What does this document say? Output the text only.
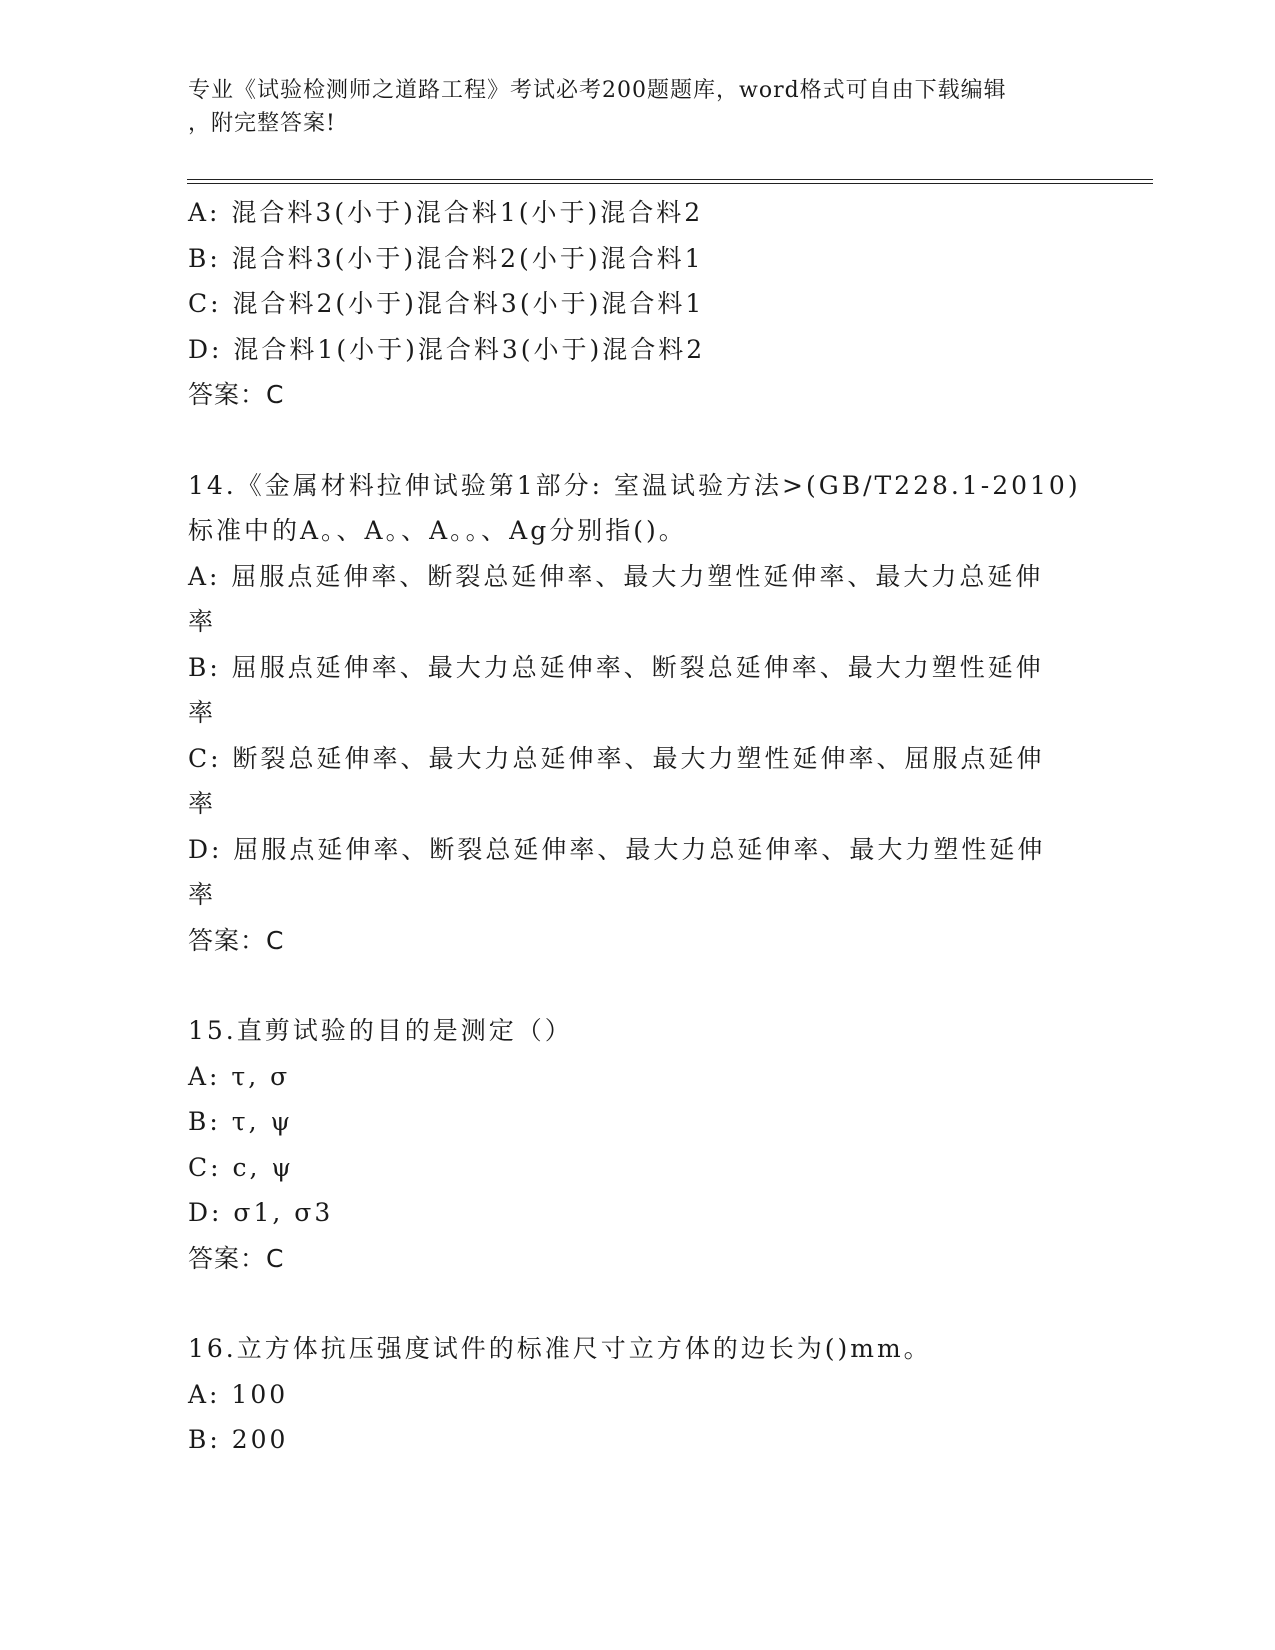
专业《试验检测师之道路工程》考试必考200题题库，word格式可自由下载编辑
，附完整答案!
A: 混合料3(小于)混合料1(小于)混合料2
B: 混合料3(小于)混合料2(小于)混合料1
C: 混合料2(小于)混合料3(小于)混合料1
D: 混合料1(小于)混合料3(小于)混合料2
答案：C
14.《金属材料拉伸试验第1部分: 室温试验方法>(GB/T228.1-2010)
标准中的A。、A。、A。。、Ag分别指()。
A: 屈服点延伸率、断裂总延伸率、最大力塑性延伸率、最大力总延伸
率
B: 屈服点延伸率、最大力总延伸率、断裂总延伸率、最大力塑性延伸
率
C: 断裂总延伸率、最大力总延伸率、最大力塑性延伸率、屈服点延伸
率
D: 屈服点延伸率、断裂总延伸率、最大力总延伸率、最大力塑性延伸
率
答案：C
15.直剪试验的目的是测定（）
A: τ, σ
B: τ, ψ
C: c, ψ
D: σ1, σ3
答案：C
16.立方体抗压强度试件的标准尺寸立方体的边长为()mm。
A: 100
B: 200
